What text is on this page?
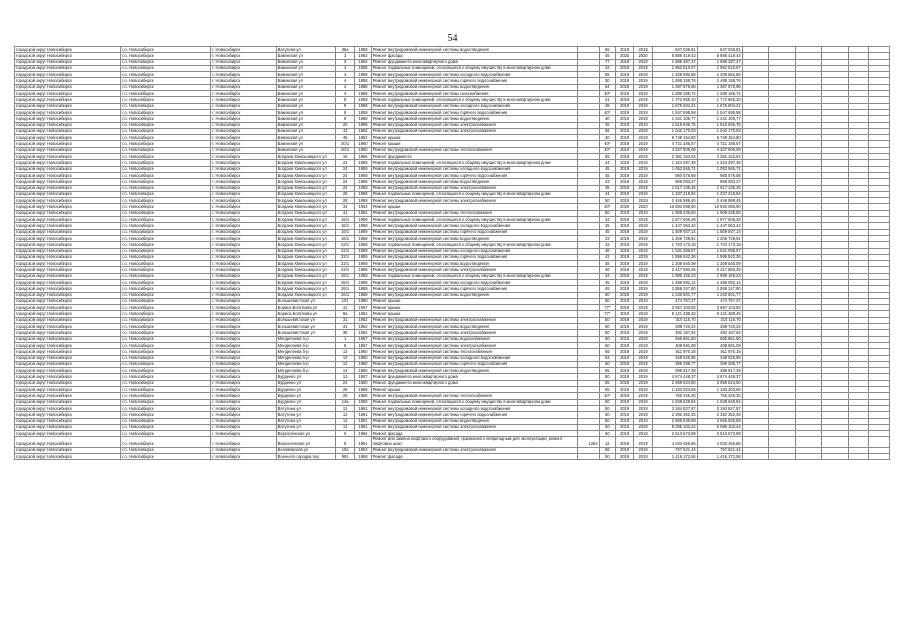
54
городской округ Новосибирск	г.о. Новосибирск	г. Новосибирск	Ватутина ул	35а	1959	Ремонт внутридомовой инженерной системы водоотведения		65	2019	2019	847 036,81	847 036,81						
городской округ Новосибирск	г.о. Новосибирск	г. Новосибирск	Бакинская ул	3	1962	Ремонт фасада		45	2020	2020	5 886 419,43	5 886 419,43						
городской округ Новосибирск	г.о. Новосибирск	г. Новосибирск	Бакинская ул	3	1962	Ремонт фундамента многоквартирного дома		77	2019	2019	1 685 387,47	1 685 387,47						
городской округ Новосибирск	г.о. Новосибирск	г. Новосибирск	Бакинская ул	4	1958	Ремонт подвальных помещений, относящихся к общему имуществу в многоквартирном доме		42	2019	2019	1 962 510,67	1 962 510,67						
городской округ Новосибирск	г.о. Новосибирск	г. Новосибирск	Бакинская ул	4	1958	Ремонт внутридомовой инженерной системы холодного водоснабжения		58	2019	2019	1 409 582,88	1 409 582,88						
городской округ Новосибирск	г.о. Новосибирск	г. Новосибирск	Бакинская ул	4	1958	Ремонт внутридомовой инженерной системы горячего водоснабжения		30	2019	2019	1 488 158,76	1 488 158,76						
городской округ Новосибирск	г.о. Новосибирск	г. Новосибирск	Бакинская ул	4	1958	Ремонт внутридомовой инженерной системы водоотведения		54	2019	2019	1 387 876,96	1 387 876,96						
городской округ Новосибирск	г.о. Новосибирск	г. Новосибирск	Бакинская ул	4	1958	Ремонт внутридомовой инженерной системы газоснабжения		40*	2019	2019	1 280 186,72	1 280 186,72						
городской округ Новосибирск	г.о. Новосибирск	г. Новосибирск	Бакинская ул	8	1959	Ремонт подвальных помещений, относящихся к общему имуществу в многоквартирном доме		41	2019	2019	1 772 865,10	1 772 865,10						
городской округ Новосибирск	г.о. Новосибирск	г. Новосибирск	Бакинская ул	8	1959	Ремонт внутридомовой инженерной системы холодного водоснабжения		48	2019	2019	1 675 604,21	1 675 604,21						
городской округ Новосибирск	г.о. Новосибирск	г. Новосибирск	Бакинская ул	8	1959	Ремонт внутридомовой инженерной системы горячего водоснабжения		40*	2019	2019	1 547 695,58	1 547 695,58						
городской округ Новосибирск	г.о. Новосибирск	г. Новосибирск	Бакинская ул	8	1959	Ремонт внутридомовой инженерной системы водоотведения		40	2019	2019	1 341 106,77	1 341 106,77						
городской округ Новосибирск	г.о. Новосибирск	г. Новосибирск	Бакинская ул	20	1959	Ремонт внутридомовой инженерной системы электроснабжения		45	2019	2019	1 615 836,75	1 615 836,75						
городской округ Новосибирск	г.о. Новосибирск	г. Новосибирск	Бакинская ул	43	1962	Ремонт внутридомовой инженерной системы электроснабжения		58	2019	2019	1 042 170,03	1 042 170,03						
городской округ Новосибирск	г.о. Новосибирск	г. Новосибирск	Бакинская ул	45	1962	Ремонт крыши		40	2019	2019	6 749 154,80	6 749 154,80						
городской округ Новосибирск	г.о. Новосибирск	г. Новосибирск	Бакинская ул	20/1	1960	Ремонт крыши		40*	2019	2019	4 721 185,57	4 721 185,57						
городской округ Новосибирск	г.о. Новосибирск	г. Новосибирск	Бакинская ул	20/1	1960	Ремонт внутридомовой инженерной системы теплоснабжения		40*	2019	2019	4 347 805,09	4 347 805,09						
городской округ Новосибирск	г.о. Новосибирск	г. Новосибирск	Богдана Хмельницкого ул	16	1956	Ремонт фундамента		55	2019	2019	2 381 163,53	2 381 163,53						
городской округ Новосибирск	г.о. Новосибирск	г. Новосибирск	Богдана Хмельницкого ул	24	1959	Ремонт подвальных помещений, относящихся к общему имуществу в многоквартирном доме		44	2019	2019	1 324 297,39	1 324 297,39						
городской округ Новосибирск	г.о. Новосибирск	г. Новосибирск	Богдана Хмельницкого ул	24	1959	Ремонт внутридомовой инженерной системы холодного водоснабжения		45	2019	2019	1 053 565,71	1 053 565,71						
городской округ Новосибирск	г.о. Новосибирск	г. Новосибирск	Богдана Хмельницкого ул	24	1959	Ремонт внутридомовой инженерной системы горячего водоснабжения		45	2019	2019	980 576,58	980 576,58						
городской округ Новосибирск	г.о. Новосибирск	г. Новосибирск	Богдана Хмельницкого ул	24	1959	Ремонт внутридомовой инженерной системы водоотведения		43	2019	2019	859 083,27	859 083,27						
городской округ Новосибирск	г.о. Новосибирск	г. Новосибирск	Богдана Хмельницкого ул	24	1959	Ремонт внутридомовой инженерной системы электроснабжения		45	2019	2019	1 517 136,45	1 517 136,45						
городской округ Новосибирск	г.о. Новосибирск	г. Новосибирск	Богдана Хмельницкого ул	28	1959	Ремонт подвальных помещений, относящихся к общему имуществу в многоквартирном доме		44	2019	2019	1 337 219,94	1 337 219,94						
городской округ Новосибирск	г.о. Новосибирск	г. Новосибирск	Богдана Хмельницкого ул	28	1959	Ремонт внутридомовой инженерной системы электроснабжения		50	2019	2019	2 446 989,45	2 446 989,45						
городской округ Новосибирск	г.о. Новосибирск	г. Новосибирск	Богдана Хмельницкого ул	33	1954	Ремонт крыши		40*	2020	2020	10 593 086,90	10 593 086,90						
городской округ Новосибирск	г.о. Новосибирск	г. Новосибирск	Богдана Хмельницкого ул	41	1952	Ремонт внутридомовой инженерной системы теплоснабжения		50	2019	2019	1 909 236,60	1 909 236,60						
городской округ Новосибирск	г.о. Новосибирск	г. Новосибирск	Богдана Хмельницкого ул	16/1	1959	Ремонт подвальных помещений, относящихся к общему имуществу в многоквартирном доме		43	2019	2019	1 877 606,39	1 877 606,39						
городской округ Новосибирск	г.о. Новосибирск	г. Новосибирск	Богдана Хмельницкого ул	16/1	1959	Ремонт внутридомовой инженерной системы холодного водоснабжения		45	2019	2019	1 447 063,42	1 447 063,42						
городской округ Новосибирск	г.о. Новосибирск	г. Новосибирск	Богдана Хмельницкого ул	16/1	1959	Ремонт внутридомовой инженерной системы горячего водоснабжения		45	2019	2019	1 509 937,14	1 509 937,14						
городской округ Новосибирск	г.о. Новосибирск	г. Новосибирск	Богдана Хмельницкого ул	16/1	1959	Ремонт внутридомовой инженерной системы водоотведения		43	2019	2019	1 206 728,91	1 206 728,91						
городской округ Новосибирск	г.о. Новосибирск	г. Новосибирск	Богдана Хмельницкого ул	22/1	1959	Ремонт подвальных помещений, относящихся к общему имуществу в многоквартирном доме		42	2019	2019	1 723 173,18	1 723 173,18						
городской округ Новосибирск	г.о. Новосибирск	г. Новосибирск	Богдана Хмельницкого ул	22/1	1959	Ремонт внутридомовой инженерной системы холодного водоснабжения		48	2019	2019	1 531 086,57	1 531 086,57						
городской округ Новосибирск	г.о. Новосибирск	г. Новосибирск	Богдана Хмельницкого ул	22/1	1959	Ремонт внутридомовой инженерной системы горячего водоснабжения		42	2019	2019	1 596 542,36	1 596 542,36						
городской округ Новосибирск	г.о. Новосибирск	г. Новосибирск	Богдана Хмельницкого ул	22/1	1959	Ремонт внутридомовой инженерной системы водоотведения		48	2019	2019	1 208 640,09	1 208 640,09						
городской округ Новосибирск	г.о. Новосибирск	г. Новосибирск	Богдана Хмельницкого ул	22/1	1959	Ремонт внутридомовой инженерной системы электроснабжения		46	2019	2019	2 417 583,45	2 417 583,45						
городской округ Новосибирск	г.о. Новосибирск	г. Новосибирск	Богдана Хмельницкого ул	26/1	1959	Ремонт подвальных помещений, относящихся к общему имуществу в многоквартирном доме		43	2019	2019	1 895 166,23	1 895 166,23						
городской округ Новосибирск	г.о. Новосибирск	г. Новосибирск	Богдана Хмельницкого ул	26/1	1959	Ремонт внутридомовой инженерной системы холодного водоснабжения		45	2019	2019	1 486 082,14	1 486 082,14						
городской округ Новосибирск	г.о. Новосибирск	г. Новосибирск	Богдана Хмельницкого ул	26/1	1959	Ремонт внутридомовой инженерной системы горячего водоснабжения		45	2019	2019	1 559 247,80	1 559 247,80						
городской округ Новосибирск	г.о. Новосибирск	г. Новосибирск	Богдана Хмельницкого ул	26/1	1959	Ремонт внутридомовой инженерной системы водоотведения		50	2019	2019	1 240 501,77	1 240 501,77						
городской округ Новосибирск	г.о. Новосибирск	г. Новосибирск	Большевистская ул	101	1950	Ремонт крыши		60	2019	2019	474 757,27	474 757,27						
городской округ Новосибирск	г.о. Новосибирск	г. Новосибирск	Бориса Богаткова ул	41	1957	Ремонт крыши		77*	2019	2019	3 657 103,50	3 657 103,50						
городской округ Новосибирск	г.о. Новосибирск	г. Новосибирск	Бориса Богаткова ул	8а	1961	Ремонт крыши		77*	2019	2019	8 121 488,45	8 121 488,45						
городской округ Новосибирск	г.о. Новосибирск	г. Новосибирск	Большевистская ул	31	1952	Ремонт внутридомовой инженерной системы электроснабжения		50	2019	2019	310 115,70	310 115,70						
городской округ Новосибирск	г.о. Новосибирск	г. Новосибирск	Большевистская ул	31	1952	Ремонт внутридомовой инженерной системы водоотведения		50	2019	2019	289 720,34	289 720,34						
городской округ Новосибирск	г.о. Новосибирск	г. Новосибирск	Большевистская ул	35	1952	Ремонт внутридомовой инженерной системы электроснабжения		50	2019	2019	482 187,94	482 187,94						
городской округ Новосибирск	г.о. Новосибирск	г. Новосибирск	Менделеева б-р	1	1957	Ремонт внутридомовой инженерной системы водоснабжения		60	2019	2019	665 861,50	665 861,50						
городской округ Новосибирск	г.о. Новосибирск	г. Новосибирск	Менделеева б-р	8	1957	Ремонт внутридомовой инженерной системы электроснабжения		60	2019	2019	408 681,09	408 681,09						
городской округ Новосибирск	г.о. Новосибирск	г. Новосибирск	Менделеева б-р	12	1960	Ремонт внутридомовой инженерной системы теплоснабжения		65	2019	2019	811 970,18	811 970,18						
городской округ Новосибирск	г.о. Новосибирск	г. Новосибирск	Менделеева б-р	12	1960	Ремонт внутридомовой инженерной системы холодного водоснабжения		63	2019	2019	348 026,95	348 026,95						
городской округ Новосибирск	г.о. Новосибирск	г. Новосибирск	Менделеева б-р	12	1960	Ремонт внутридомовой инженерной системы горячего водоснабжения		60	2019	2019	396 295,77	396 295,77						
городской округ Новосибирск	г.о. Новосибирск	г. Новосибирск	Менделеева б-р	13	1960	Ремонт внутридомовой инженерной системы водоотведения		65	2019	2019	396 917,39	396 917,39						
городской округ Новосибирск	г.о. Новосибирск	г. Новосибирск	Бурденко ул	12	1957	Ремонт фундамента многоквартирного дома		60	2019	2019	4 674 448,37	4 674 448,37						
городской округ Новосибирск	г.о. Новосибирск	г. Новосибирск	Бурденко ул	24	1960	Ремонт фундамента многоквартирного дома		55	2019	2019	2 959 624,50	2 959 624,50						
городской округ Новосибирск	г.о. Новосибирск	г. Новосибирск	Бурденко ул	26	1958	Ремонт крыши		55	2019	2019	1 183 203,55	1 183 203,55						
городской округ Новосибирск	г.о. Новосибирск	г. Новосибирск	Бурденко ул	28	1958	Ремонт внутридомовой инженерной системы теплоснабжения		40*	2019	2019	766 326,30	766 326,30						
городской округ Новосибирск	г.о. Новосибирск	г. Новосибирск	Бурденко ул	14а	1960	Ремонт подвальных помещений, относящихся к общему имуществу в многоквартирном доме		50	2019	2019	1 049 629,94	1 049 629,94						
городской округ Новосибирск	г.о. Новосибирск	г. Новосибирск	Ватутина ул	12	1961	Ремонт внутридомовой инженерной системы холодного водоснабжения		50	2019	2019	3 184 827,87	3 184 827,87						
городской округ Новосибирск	г.о. Новосибирск	г. Новосибирск	Ватутина ул	12	1961	Ремонт внутридомовой инженерной системы горячего водоснабжения		50	2019	2019	2 392 352,45	2 392 352,45						
городской округ Новосибирск	г.о. Новосибирск	г. Новосибирск	Ватутина ул	12	1961	Ремонт внутридомовой инженерной системы водоотведения		50	2019	2019	2 566 536,59	2 566 536,59						
городской округ Новосибирск	г.о. Новосибирск	г. Новосибирск	Ватутина ул	12	1961	Ремонт внутридомовой инженерной системы электроснабжения		50	2019	2019	5 085 102,24	5 085 102,24						
городской округ Новосибирск	г.о. Новосибирск	г. Новосибирск	Верхоленская ул	6	1964	Ремонт фасада		50	2019	2019	2 513 573,89	2 513 573,89						
городской округ Новосибирск	г.о. Новосибирск	г. Новосибирск	Верхоленская ул	9	1951	Ремонт или замена лифтового оборудования, признанного непригодным для эксплуатации, ремонт лифтовых шахт	1254	12	2019	2019	4 033 456,86	4 033 456,86						
городской округ Новосибирск	г.о. Новосибирск	г. Новосибирск	Беловежская ул	10а	1963	Ремонт внутридомовой инженерной системы электроснабжения		59	2019	2019	767 621,44	767 621,44						
городской округ Новосибирск	г.о. Новосибирск	г. Новосибирск	Военного городка тер	991	1958	Ремонт фасада		50	2019	2019	1 416 172,56	1 416 172,56						
